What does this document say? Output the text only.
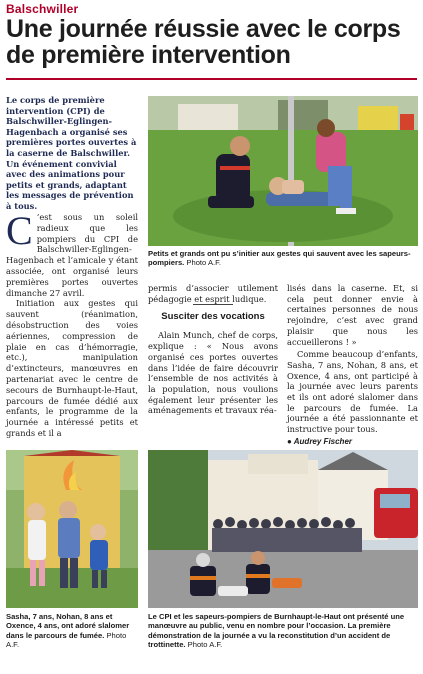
Balschwiller
Une journée réussie avec le corps de première intervention

Le corps de première intervention (CPI) de Balschwiller-Eglingen-Hagenbach a organisé ses premières portes ouvertes à la caserne de Balschwiller. Un événement convivial avec des animations pour petits et grands, adaptant les messages de prévention à tous.

C ’est sous un soleil radieux que les pompiers du CPI de Balschwiller-Eglingen-Hagenbach et l’amicale y étant associée, ont organisé leurs premières portes ouvertes dimanche 27 avril.

Initiation aux gestes qui sauvent (réanimation, désobstruction des voies aériennes, compression de plaie en cas d’hémorragie, etc.), manipulation d’extincteurs, manœuvres en partenariat avec le centre de secours de Burnhaupt-le-Haut, parcours de fumée dédié aux enfants, le programme de la journée a intéressé petits et grands et il a

Petits et grands ont pu s’initier aux gestes qui sauvent avec les sapeurs-pompiers. Photo A.F.

permis d’associer utilement pédagogie et esprit ludique.

Susciter des vocations

Alain Munch, chef de corps, explique : « Nous avons organisé ces portes ouvertes dans l’idée de faire découvrir l’ensemble de nos activités à la population, nous voulions également leur présenter les aménagements et travaux réa-

lisés dans la caserne. Et, si cela peut donner envie à certaines personnes de nous rejoindre, c’est avec grand plaisir que nous les accueillerons ! »

Comme beaucoup d’enfants, Sasha, 7 ans, Nohan, 8 ans, et Oxence, 4 ans, ont participé à la journée avec leurs parents et ils ont adoré slalomer dans le parcours de fumée. La journée a été passionnante et instructive pour tous.

● Audrey Fischer
Sasha, 7 ans, Nohan, 8 ans et Oxence, 4 ans, ont adoré slalomer dans le parcours de fumée. Photo A.F.
Le CPI et les sapeurs-pompiers de Burnhaupt-le-Haut ont présenté une manœuvre au public, venu en nombre pour l’occasion. La première démonstration de la journée a vu la reconstitution d’un accident de trottinette. Photo A.F.
